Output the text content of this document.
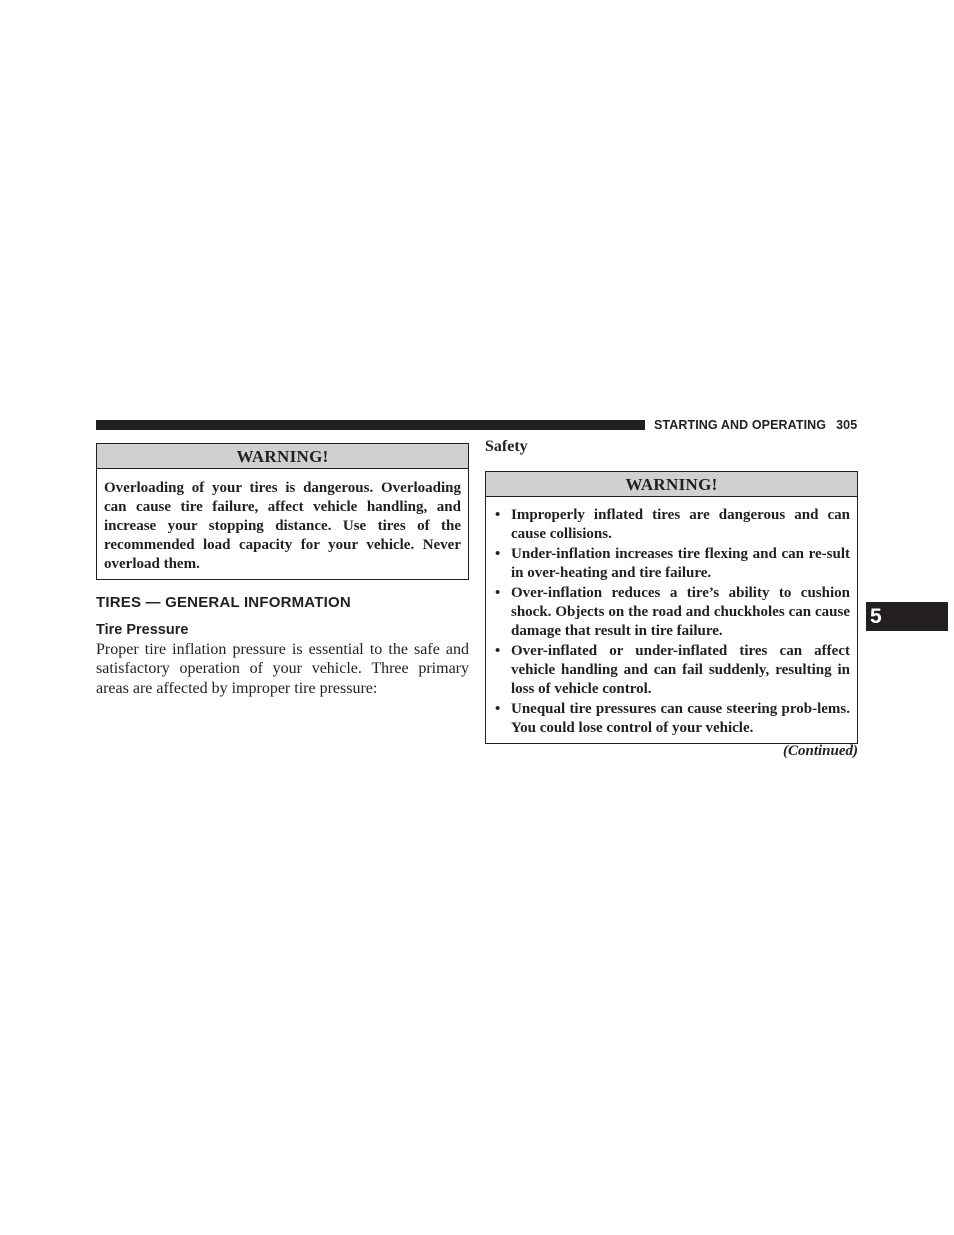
STARTING AND OPERATING 305
5
WARNING!
Overloading of your tires is dangerous. Overloading can cause tire failure, affect vehicle handling, and increase your stopping distance. Use tires of the recommended load capacity for your vehicle. Never overload them.
TIRES — GENERAL INFORMATION
Tire Pressure
Proper tire inflation pressure is essential to the safe and satisfactory operation of your vehicle. Three primary areas are affected by improper tire pressure:
Safety
WARNING!
• Improperly inflated tires are dangerous and can cause collisions.
• Under-inflation increases tire flexing and can re-sult in over-heating and tire failure.
• Over-inflation reduces a tire’s ability to cushion shock. Objects on the road and chuckholes can cause damage that result in tire failure.
• Over-inflated or under-inflated tires can affect vehicle handling and can fail suddenly, resulting in loss of vehicle control.
• Unequal tire pressures can cause steering prob-lems. You could lose control of your vehicle.
(Continued)
